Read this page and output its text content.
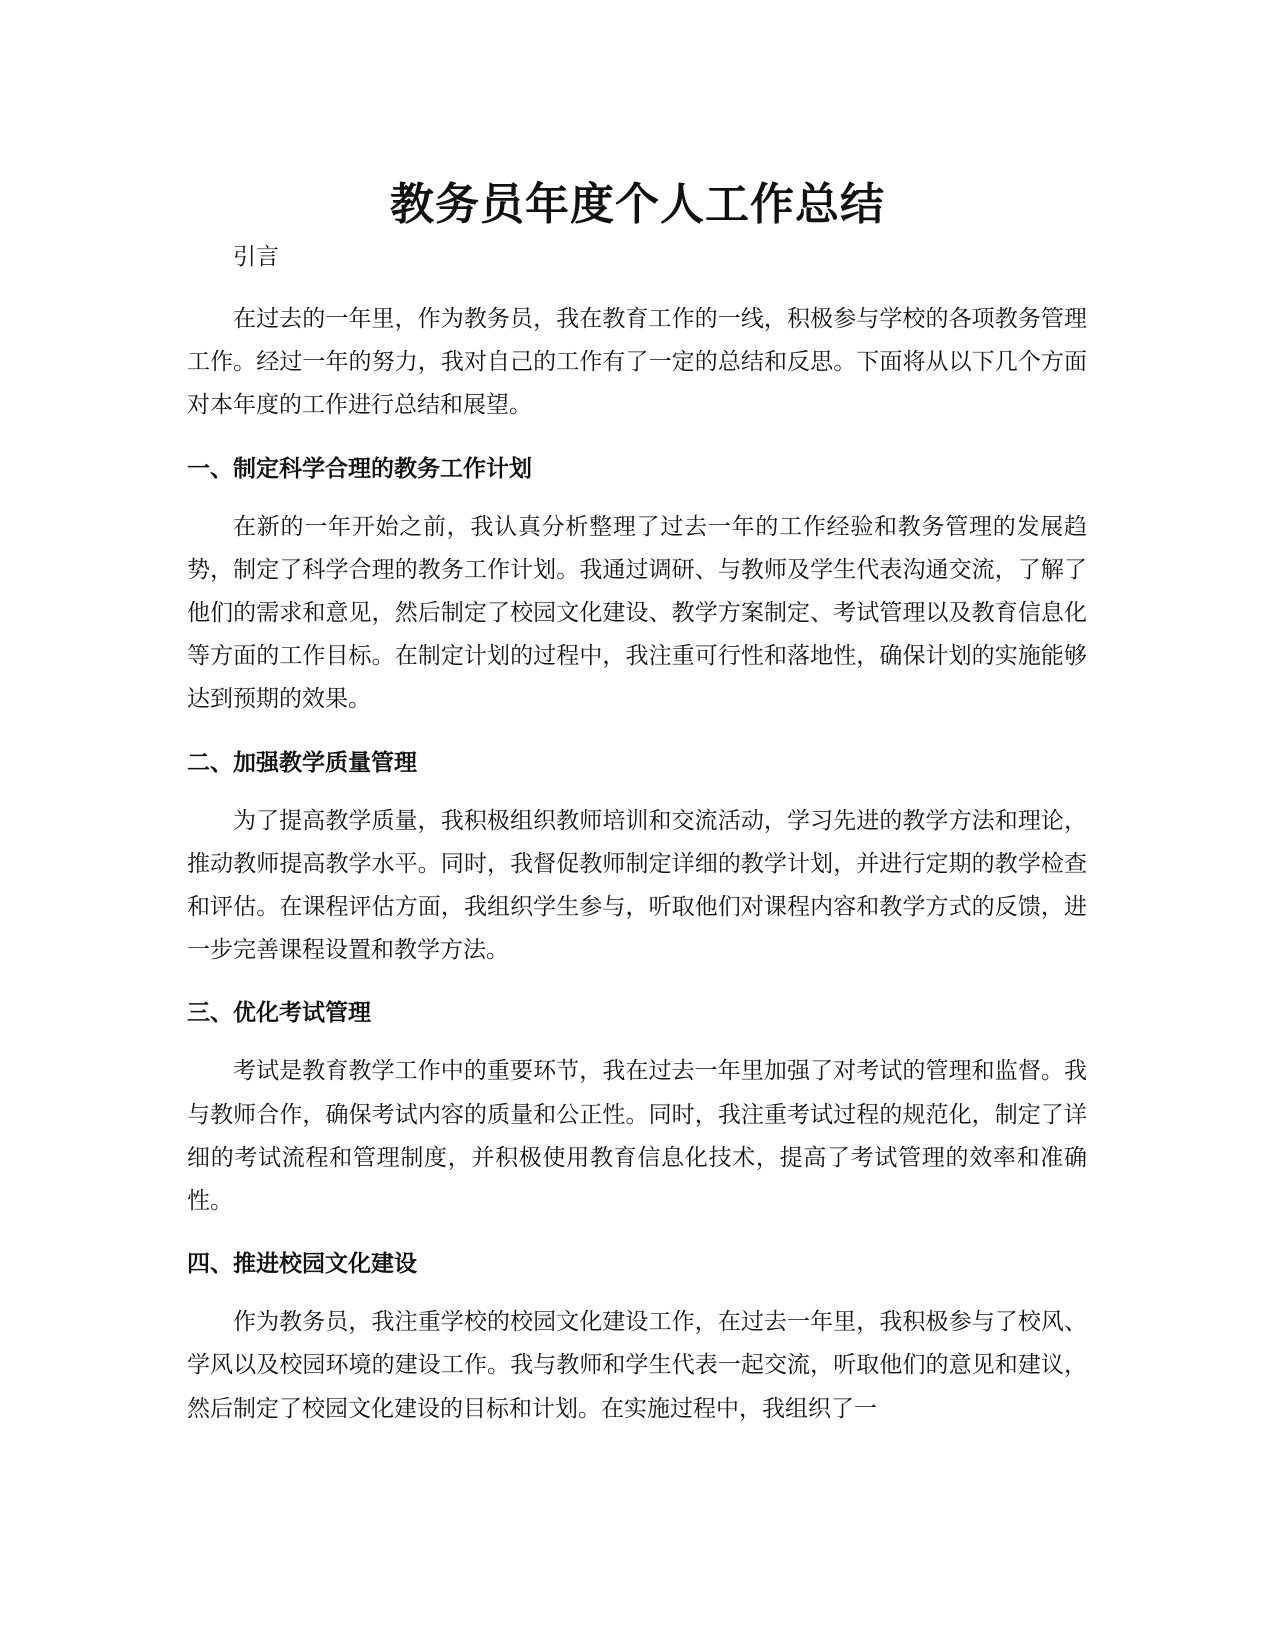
教务员年度个人工作总结

引言

在过去的一年里，作为教务员，我在教育工作的一线，积极参与学校的各项教务管理工作。经过一年的努力，我对自己的工作有了一定的总结和反思。下面将从以下几个方面对本年度的工作进行总结和展望。

一、制定科学合理的教务工作计划

在新的一年开始之前，我认真分析整理了过去一年的工作经验和教务管理的发展趋势，制定了科学合理的教务工作计划。我通过调研、与教师及学生代表沟通交流，了解了他们的需求和意见，然后制定了校园文化建设、教学方案制定、考试管理以及教育信息化等方面的工作目标。在制定计划的过程中，我注重可行性和落地性，确保计划的实施能够达到预期的效果。

二、加强教学质量管理

为了提高教学质量，我积极组织教师培训和交流活动，学习先进的教学方法和理论，推动教师提高教学水平。同时，我督促教师制定详细的教学计划，并进行定期的教学检查和评估。在课程评估方面，我组织学生参与，听取他们对课程内容和教学方式的反馈，进一步完善课程设置和教学方法。

三、优化考试管理

考试是教育教学工作中的重要环节，我在过去一年里加强了对考试的管理和监督。我与教师合作，确保考试内容的质量和公正性。同时，我注重考试过程的规范化，制定了详细的考试流程和管理制度，并积极使用教育信息化技术，提高了考试管理的效率和准确性。

四、推进校园文化建设

作为教务员，我注重学校的校园文化建设工作，在过去一年里，我积极参与了校风、学风以及校园环境的建设工作。我与教师和学生代表一起交流，听取他们的意见和建议，然后制定了校园文化建设的目标和计划。在实施过程中，我组织了一
